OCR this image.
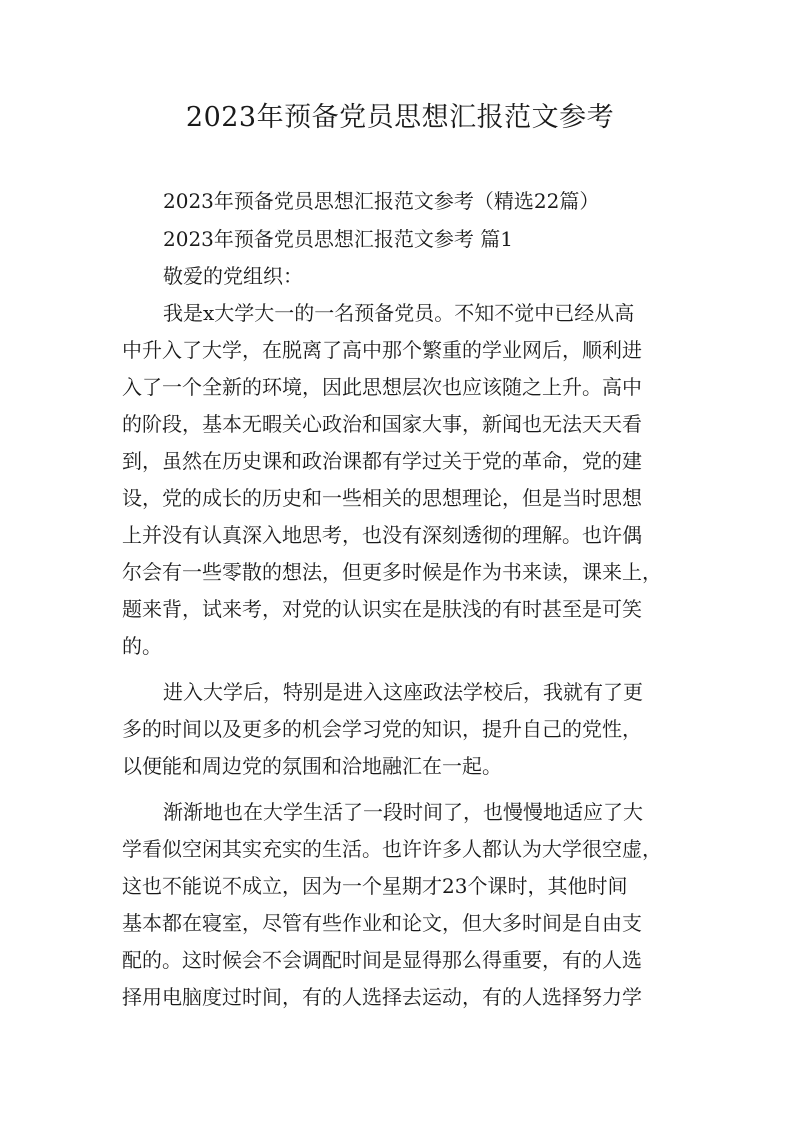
2023年预备党员思想汇报范文参考

2023年预备党员思想汇报范文参考（精选22篇）

2023年预备党员思想汇报范文参考 篇1

敬爱的党组织：

我是x大学大一的一名预备党员。不知不觉中已经从高

中升入了大学，在脱离了高中那个繁重的学业网后，顺利进

入了一个全新的环境，因此思想层次也应该随之上升。高中

的阶段，基本无暇关心政治和国家大事，新闻也无法天天看

到，虽然在历史课和政治课都有学过关于党的革命，党的建

设，党的成长的历史和一些相关的思想理论，但是当时思想

上并没有认真深入地思考，也没有深刻透彻的理解。也许偶

尔会有一些零散的想法，但更多时候是作为书来读，课来上，

题来背，试来考，对党的认识实在是肤浅的有时甚至是可笑

的。

进入大学后，特别是进入这座政法学校后，我就有了更

多的时间以及更多的机会学习党的知识，提升自己的党性，

以便能和周边党的氛围和洽地融汇在一起。

渐渐地也在大学生活了一段时间了，也慢慢地适应了大

学看似空闲其实充实的生活。也许许多人都认为大学很空虚，

这也不能说不成立，因为一个星期才23个课时，其他时间

基本都在寝室，尽管有些作业和论文，但大多时间是自由支

配的。这时候会不会调配时间是显得那么得重要，有的人选

择用电脑度过时间，有的人选择去运动，有的人选择努力学
